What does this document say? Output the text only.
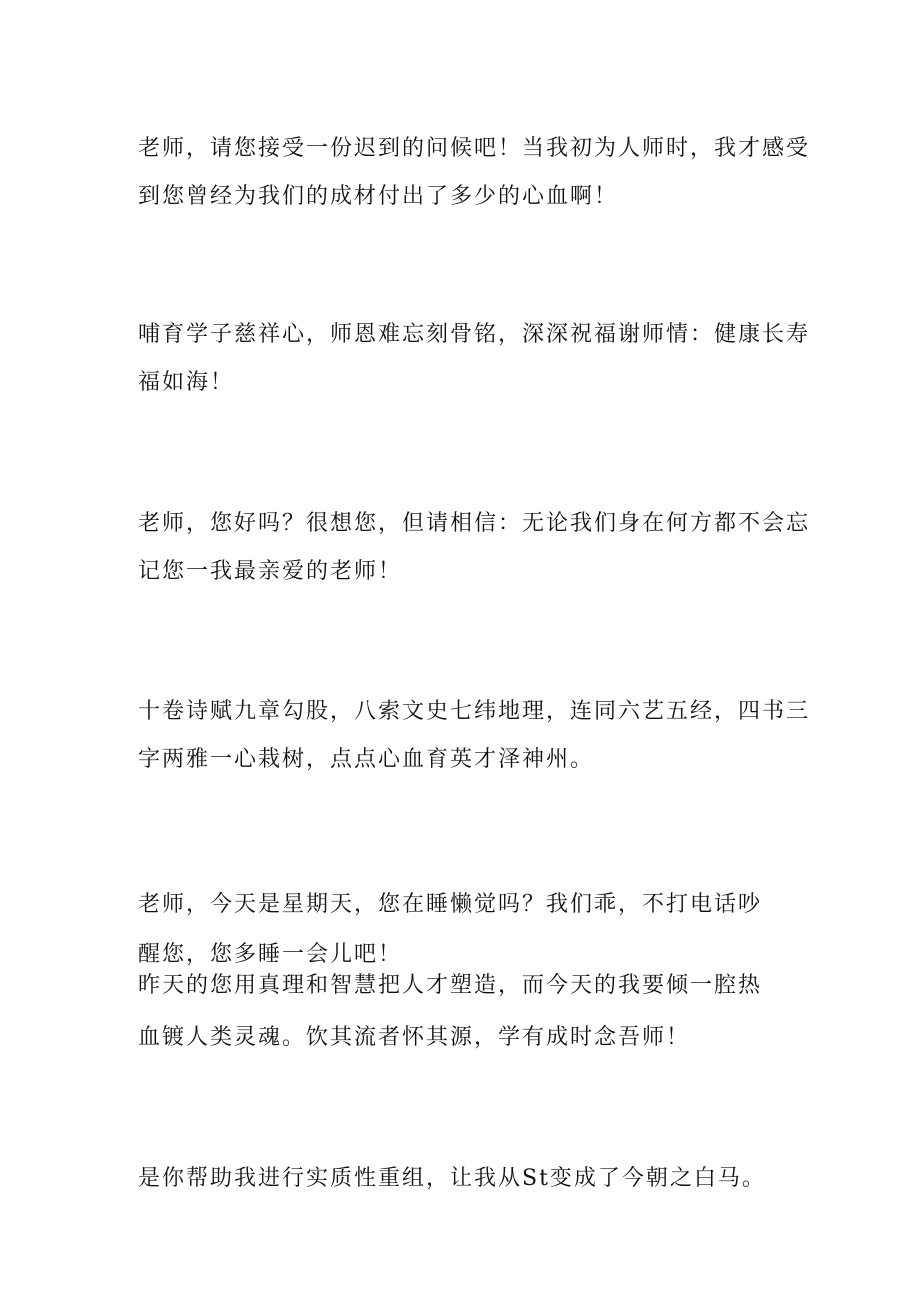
老师，请您接受一份迟到的问候吧！当我初为人师时，我才感受
到您曾经为我们的成材付出了多少的心血啊！
哺育学子慈祥心，师恩难忘刻骨铭，深深祝福谢师情：健康长寿
福如海！
老师，您好吗？很想您，但请相信：无论我们身在何方都不会忘
记您一我最亲爱的老师！
十卷诗赋九章勾股，八索文史七纬地理，连同六艺五经，四书三
字两雅一心栽树，点点心血育英才泽神州。
老师，今天是星期天，您在睡懒觉吗？我们乖，不打电话吵
醒您，您多睡一会儿吧！
昨天的您用真理和智慧把人才塑造，而今天的我要倾一腔热
血镀人类灵魂。饮其流者怀其源，学有成时念吾师！
是你帮助我进行实质性重组，让我从St变成了今朝之白马。
